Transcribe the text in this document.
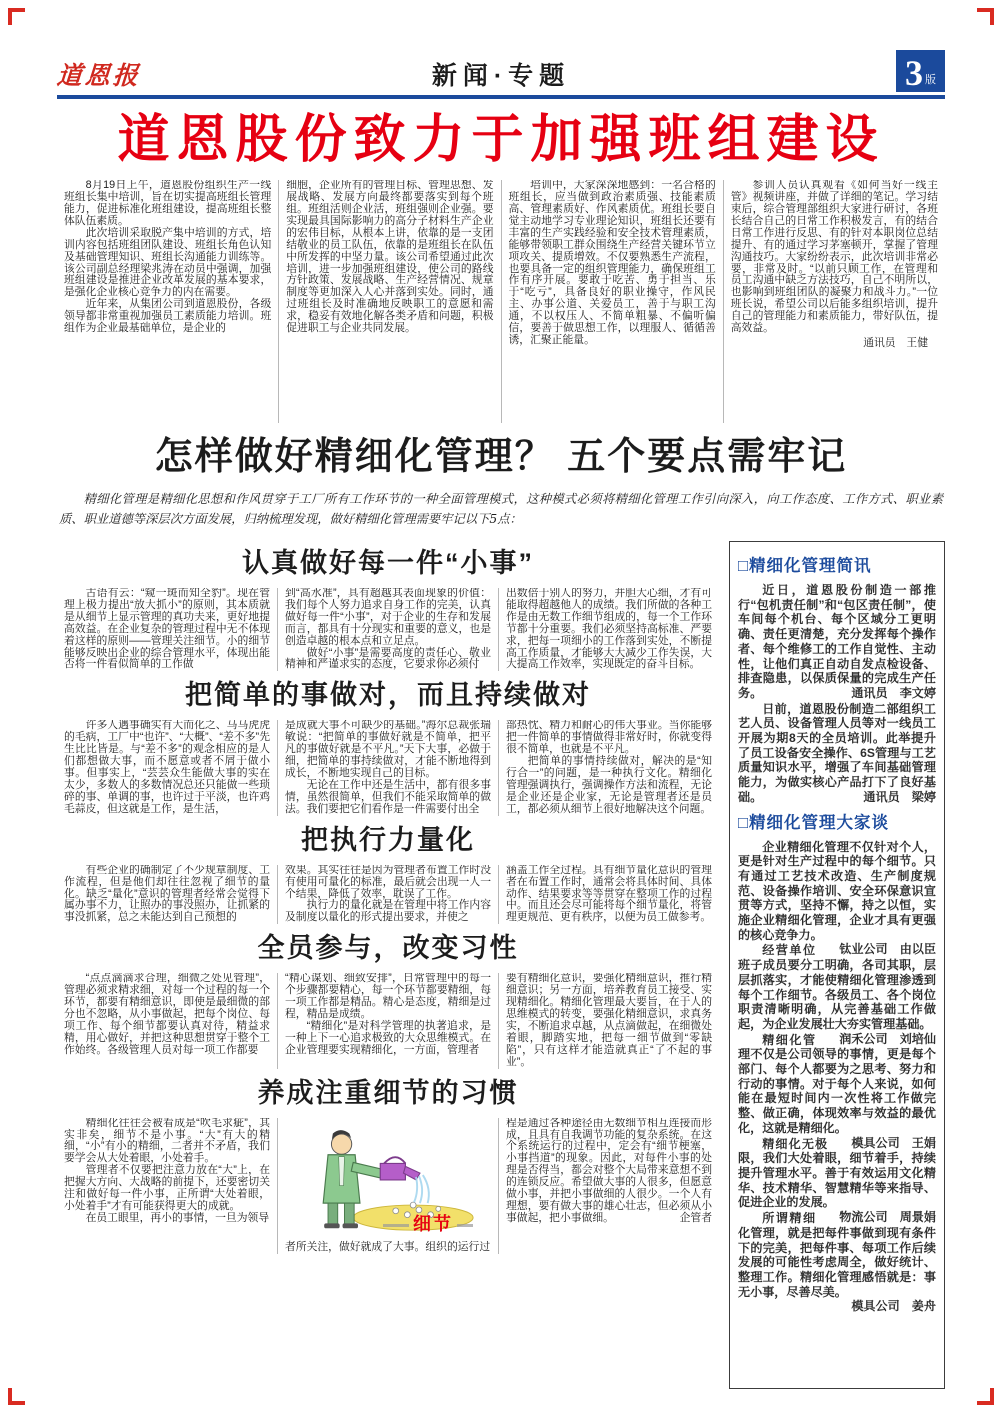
道恩报	新闻·专题	3 版
道恩股份致力于加强班组建设

8月19日上午，道恩股份组织生产一线班组长集中培训，旨在切实提高班组长管理能力，促进标准化班组建设，提高班组长整体队伍素质。

此次培训采取脱产集中培训的方式，培训内容包括班组团队建设、班组长角色认知及基础管理知识、班组长沟通能力训练等。该公司副总经理梁兆涛在动员中强调，加强班组建设是推进企业改革发展的基本要求，是强化企业核心竞争力的内在需要。

近年来，从集团公司到道恩股份，各级领导都非常重视加强员工素质能力培训。班组作为企业最基础单位，是企业的

细胞，企业所有的管理目标、管理思想、发展战略、发展方向最终都要落实到每个班组。班组活则企业活，班组强则企业强。要实现最具国际影响力的高分子材料生产企业的宏伟目标，从根本上讲，依靠的是一支团结敬业的员工队伍，依靠的是班组长在队伍中所发挥的中坚力量。该公司希望通过此次培训，进一步加强班组建设，使公司的路线方针政策、发展战略、生产经营情况、规章制度等更加深入人心并落到实处。同时，通过班组长及时准确地反映职工的意愿和需求，稳妥有效地化解各类矛盾和问题，积极促进职工与企业共同发展。

培训中，大家深深地感到：一名合格的班组长，应当做到政治素质强、技能素质高、管理素质好、作风素质优。班组长要自觉主动地学习专业理论知识，班组长还要有丰富的生产实践经验和安全技术管理素质，能够带领职工群众围绕生产经营关键环节立项攻关、提质增效。不仅要熟悉生产流程，也要具备一定的组织管理能力，确保班组工作有序开展。要敢于吃苦、勇于担当、乐于“吃亏”，具备良好的职业操守，作风民主、办事公道、关爱员工，善于与职工沟通，不以权压人、不简单粗暴、不偏听偏信，要善于做思想工作，以理服人、循循善诱，汇聚正能量。

参训人员认真观看《如何当好一线主管》视频讲座，并做了详细的笔记。学习结束后，综合管理部组织大家进行研讨，各班长结合自己的日常工作积极发言，有的结合日常工作进行反思、有的针对本职岗位总结提升、有的通过学习茅塞顿开，掌握了管理沟通技巧。大家纷纷表示，此次培训非常必要，非常及时。“以前只顾工作，在管理和员工沟通中缺乏方法技巧，自己不明所以，也影响到班组团队的凝聚力和战斗力。”一位班长说，希望公司以后能多组织培训，提升自己的管理能力和素质能力，带好队伍，提高效益。

通讯员　王健

怎样做好精细化管理？ 五个要点需牢记

精细化管理是精细化思想和作风贯穿于工厂所有工作环节的一种全面管理模式，这种模式必须将精细化管理工作引向深入，向工作态度、工作方式、职业素质、职业道德等深层次方面发展，归纳梳理发现，做好精细化管理需要牢记以下5点：

认真做好每一件“小事”

古语有云：“窥一斑而知全豹”。现在管理上极力提出“放大抓小”的原则，其本质就是从细节上显示管理的真功夫来，更好地提高效益。在企业复杂的管理过程中无不体现着这样的原则——管理关注细节。小的细节能够反映出企业的综合管理水平，体现出能否将一件看似简单的工作做

到“高水准”，具有超越其表面现象的价值：我们每个人努力追求自身工作的完美，认真做好每一件“小事”，对于企业的生存和发展而言，都具有十分现实和重要的意义，也是创造卓越的根本点和立足点。

做好“小事”是需要高度的责任心、敬业精神和严谨求实的态度，它要求你必须付

出数倍于别人的努力，并胆大心细，才有可能取得超越他人的成绩。我们所做的各种工作是由无数工作细节组成的，每一个工作环节都十分重要。我们必须坚持高标准、严要求，把每一项细小的工作落到实处，不断提高工作质量，才能够大大减少工作失误，大大提高工作效率，实现既定的奋斗目标。

把简单的事做对，而且持续做对

许多人遇事确实有大而化之、马马虎虎的毛病，工厂中“也许”、“大概”、“差不多”先生比比皆是。与“差不多”的观念相应的是人们都想做大事，而不愿意或者不屑于做小事。但事实上，“芸芸众生能做大事的实在太少，多数人的多数情况总还只能做一些琐碎的事、单调的事，也许过于平淡，也许鸡毛蒜皮，但这就是工作，是生活，

是成就大事不可缺少的基础。”海尔总裁张瑞敏说：“把简单的事做好就是不简单，把平凡的事做好就是不平凡。”天下大事，必做于细，把简单的事持续做对，才能不断地得到成长，不断地实现自己的目标。

无论在工作中还是生活中，都有很多事情，虽然很简单，但我们不能采取简单的做法。我们要把它们看作是一件需要付出全

部热忱、精力和耐心的伟大事业。当你能够把一件简单的事情做得非常好时，你就变得很不简单，也就是不平凡。

把简单的事情持续做对，解决的是“知行合一”的问题，是一种执行文化。精细化管理强调执行，强调操作方法和流程，无论是企业还是企业家，无论是管理者还是员工，都必须从细节上很好地解决这个问题。

把执行力量化

有些企业的确制定了不少规章制度、工作流程，但是他们却往往忽视了细节的量化。缺乏“量化”意识的管理者经常会觉得下属办事不力，让照办的事没照办，让抓紧的事没抓紧，总之未能达到自己预想的

效果。其实往往是因为管理者布置工作时没有使用可量化的标准，最后就会出现一人一个结果，降低了效率，耽误了工作。

执行力的量化就是在管理中将工作内容及制度以量化的形式提出要求，并使之

涵盖工作全过程。具有细节量化意识的管理者在布置工作时，通常会将具体时间、具体动作、结果要求等等贯穿在整项工作的过程中。而且还会尽可能将每个细节量化，将管理更规范、更有秩序，以便为员工做参考。

全员参与，改变习性

“点点滴滴求合理，细微之处见管理”，管理必须求精求细，对每一个过程的每一个环节，都要有精细意识，即使是最细微的部分也不忽略，从小事做起，把每个岗位、每项工作、每个细节都要认真对待，精益求精，用心做好，并把这种思想贯穿于整个工作始终。各级管理人员对每一项工作都要

“精心谋划、细致安排”，日常管理中的每一个步骤都要精心，每一个环节都要精细，每一项工作都是精品。精心是态度，精细是过程，精品是成绩。

“精细化”是对科学管理的执著追求，是一种上下一心追求极致的大众思维模式。在企业管理要实现精细化，一方面，管理者

要有精细化意识，要强化精细意识，推行精细意识；另一方面，培养教育员工接受、实现精细化。精细化管理最大要旨，在于人的思维模式的转变，要强化精细意识，求真务实，不断追求卓越，从点滴做起，在细微处着眼，脚踏实地，把每一细节做到“零缺陷”，只有这样才能造就真正“了不起的事业”。

养成注重细节的习惯

精细化往往会被看成是“吹毛求疵”，其实非矣，细节不是小事。“大”有大的精细，“小”有小的精细，二者并不矛盾，我们要学会从大处着眼，小处着手。

管理者不仅要把注意力放在“大”上，在把握大方向、大战略的前提下，还要密切关注和做好每一件小事，正所谓“大处着眼，小处着手”才有可能获得更大的成就。

在员工眼里，再小的事情，一旦为领导	细节

者所关注，做好就成了大事。组织的运行过

程是通过各种途径由无数细节相互连接而形成，且具有自我调节功能的复杂系统。在这个系统运行的过程中，定会有“细节梗塞，小事挡道”的现象。因此，对每件小事的处理是否得当，都会对整个大局带来意想不到的连锁反应。希望做大事的人很多，但愿意做小事，并把小事做细的人很少。一个人有理想，要有做大事的雄心壮志，但必须从小事做起，把小事做细。	企管者

□精细化管理简讯

近日，道恩股份制造一部推行“包机责任制”和“包区责任制”，使车间每个机台、每个区域分工更明确、责任更清楚，充分发挥每个操作者、每个维修工的工作自觉性、主动性，让他们真正自动自发点检设备、排查隐患，以保质保量的完成生产任务。	通讯员　李文婷

日前，道恩股份制造二部组织工艺人员、设备管理人员等对一线员工开展为期8天的全员培训。此举提升了员工设备安全操作、6S管理与工艺质量知识水平，增强了车间基础管理能力，为做实核心产品打下了良好基础。	通讯员　梁婷

□精细化管理大家谈

企业精细化管理不仅针对个人，更是针对生产过程中的每个细节。只有通过工艺技术改造、生产制度规范、设备操作培训、安全环保意识宣贯等方式，坚持不懈，持之以恒，实施企业精细化管理，企业才具有更强的核心竞争力。
钛业公司　由以臣

经营单位班子成员要分工明确，各司其职，层层抓落实，才能使精细化管理渗透到每个工作细节。各级员工、各个岗位职责清晰明确，从完善基础工作做起，为企业发展壮大夯实管理基础。
润禾公司　刘培仙

精细化管理不仅是公司领导的事情，更是每个部门、每个人都要为之思考、努力和行动的事情。对于每个人来说，如何能在最短时间内一次性将工作做完整、做正确，体现效率与效益的最优化，这就是精细化。
模具公司　王娟

精细化无极限，我们大处着眼，细节着手，持续提升管理水平。善于有效运用文化精华、技术精华、智慧精华等来指导、促进企业的发展。
物流公司　周景娟

所谓精细化管理，就是把每件事做到现有条件下的完美，把每件事、每项工作后续发展的可能性考虑周全，做好统计、整理工作。精细化管理感悟就是：事无小事，尽善尽美。
模具公司　姜舟
